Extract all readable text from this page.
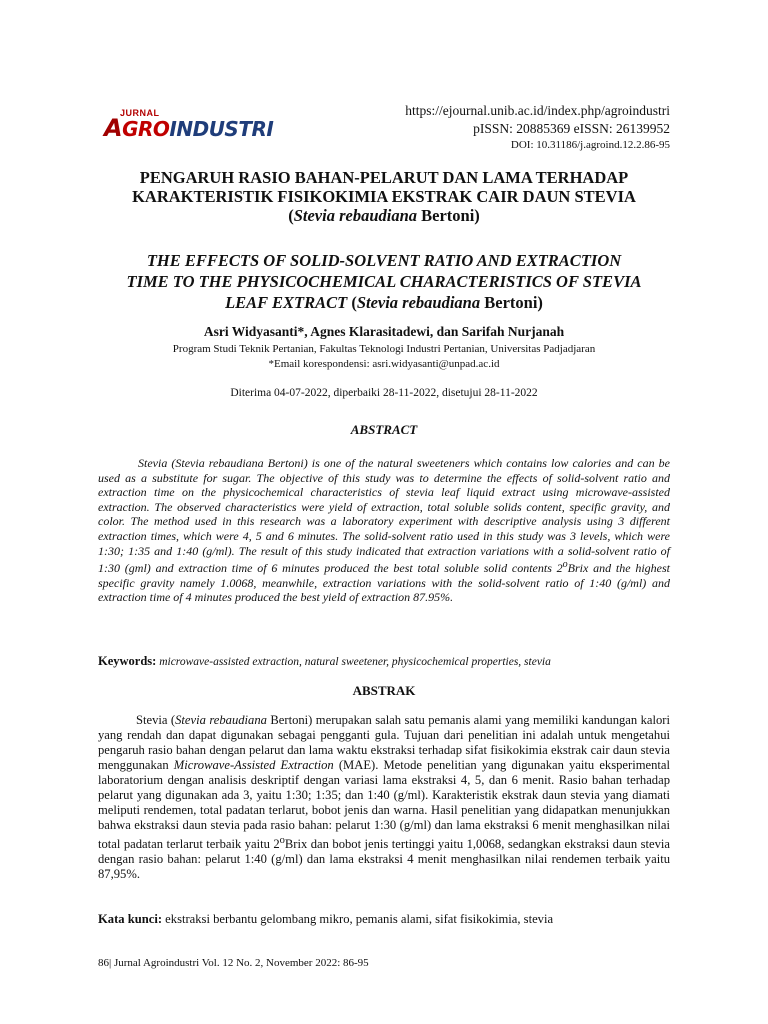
JURNAL
AGROINDUSTRI
https://ejournal.unib.ac.id/index.php/agroindustri
pISSN: 20885369 eISSN: 26139952
DOI: 10.31186/j.agroind.12.2.86-95
PENGARUH RASIO BAHAN-PELARUT DAN LAMA TERHADAP
KARAKTERISTIK FISIKOKIMIA EKSTRAK CAIR DAUN STEVIA
(Stevia rebaudiana Bertoni)
THE EFFECTS OF SOLID-SOLVENT RATIO AND EXTRACTION
TIME TO THE PHYSICOCHEMICAL CHARACTERISTICS OF STEVIA
LEAF EXTRACT (Stevia rebaudiana Bertoni)
Asri Widyasanti*, Agnes Klarasitadewi, dan Sarifah Nurjanah
Program Studi Teknik Pertanian, Fakultas Teknologi Industri Pertanian, Universitas Padjadjaran
*Email korespondensi: asri.widyasanti@unpad.ac.id
Diterima 04-07-2022, diperbaiki 28-11-2022, disetujui 28-11-2022
ABSTRACT
Stevia (Stevia rebaudiana Bertoni) is one of the natural sweeteners which contains low calories and can be used as a substitute for sugar. The objective of this study was to determine the effects of solid-solvent ratio and extraction time on the physicochemical characteristics of stevia leaf liquid extract using microwave-assisted extraction. The observed characteristics were yield of extraction, total soluble solids content, specific gravity, and color. The method used in this research was a laboratory experiment with descriptive analysis using 3 different extraction times, which were 4, 5 and 6 minutes. The solid-solvent ratio used in this study was 3 levels, which were 1:30; 1:35 and 1:40 (g/ml). The result of this study indicated that extraction variations with a solid-solvent ratio of 1:30 (gml) and extraction time of 6 minutes produced the best total soluble solid contents 2$^o$Brix and the highest specific gravity namely 1.0068, meanwhile, extraction variations with the solid-solvent ratio of 1:40 (g/ml) and extraction time of 4 minutes produced the best yield of extraction 87.95%.
Keywords: microwave-assisted extraction, natural sweetener, physicochemical properties, stevia
ABSTRAK
Stevia (Stevia rebaudiana Bertoni) merupakan salah satu pemanis alami yang memiliki kandungan kalori yang rendah dan dapat digunakan sebagai pengganti gula. Tujuan dari penelitian ini adalah untuk mengetahui pengaruh rasio bahan dengan pelarut dan lama waktu ekstraksi terhadap sifat fisikokimia ekstrak cair daun stevia menggunakan Microwave-Assisted Extraction (MAE). Metode penelitian yang digunakan yaitu eksperimental laboratorium dengan analisis deskriptif dengan variasi lama ekstraksi 4, 5, dan 6 menit. Rasio bahan terhadap pelarut yang digunakan ada 3, yaitu 1:30; 1:35; dan 1:40 (g/ml). Karakteristik ekstrak daun stevia yang diamati meliputi rendemen, total padatan terlarut, bobot jenis dan warna. Hasil penelitian yang didapatkan menunjukkan bahwa ekstraksi daun stevia pada rasio bahan: pelarut 1:30 (g/ml) dan lama ekstraksi 6 menit menghasilkan nilai total padatan terlarut terbaik yaitu 2$^o$Brix dan bobot jenis tertinggi yaitu 1,0068, sedangkan ekstraksi daun stevia dengan rasio bahan: pelarut 1:40 (g/ml) dan lama ekstraksi 4 menit menghasilkan nilai rendemen terbaik yaitu 87,95%.
Kata kunci: ekstraksi berbantu gelombang mikro, pemanis alami, sifat fisikokimia, stevia
86| Jurnal Agroindustri Vol. 12 No. 2, November 2022: 86-95
